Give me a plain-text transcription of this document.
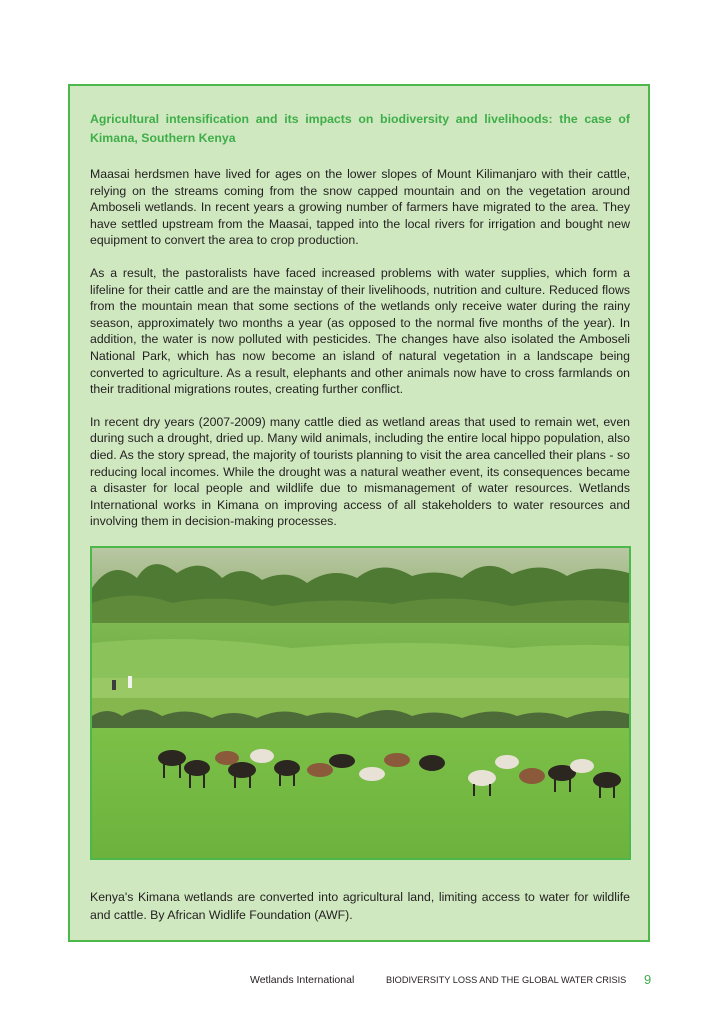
Agricultural intensification and its impacts on biodiversity and livelihoods: the case of Kimana, Southern Kenya

Maasai herdsmen have lived for ages on the lower slopes of Mount Kilimanjaro with their cattle, relying on the streams coming from the snow capped mountain and on the vegetation around Amboseli wetlands. In recent years a growing number of farmers have migrated to the area. They have settled upstream from the Maasai, tapped into the local rivers for irrigation and bought new equipment to convert the area to crop production.

As a result, the pastoralists have faced increased problems with water supplies, which form a lifeline for their cattle and are the mainstay of their livelihoods, nutrition and culture. Reduced flows from the mountain mean that some sections of the wetlands only receive water during the rainy season, approximately two months a year (as opposed to the normal five months of the year). In addition, the water is now polluted with pesticides. The changes have also isolated the Amboseli National Park, which has now become an island of natural vegetation in a landscape being converted to agriculture. As a result, elephants and other animals now have to cross farmlands on their traditional migrations routes, creating further conflict.

In recent dry years (2007-2009) many cattle died as wetland areas that used to remain wet, even during such a drought, dried up. Many wild animals, including the entire local hippo population, also died. As the story spread, the majority of tourists planning to visit the area cancelled their plans - so reducing local incomes. While the drought was a natural weather event, its consequences became a disaster for local people and wildlife due to mismanagement of water resources. Wetlands International works in Kimana on improving access of all stakeholders to water resources and involving them in decision-making processes.

Kenya's Kimana wetlands are converted into agricultural land, limiting access to water for wildlife and cattle. By African Widlife Foundation (AWF).

Wetlands International	BIODIVERSITY LOSS AND THE GLOBAL WATER CRISIS 9
